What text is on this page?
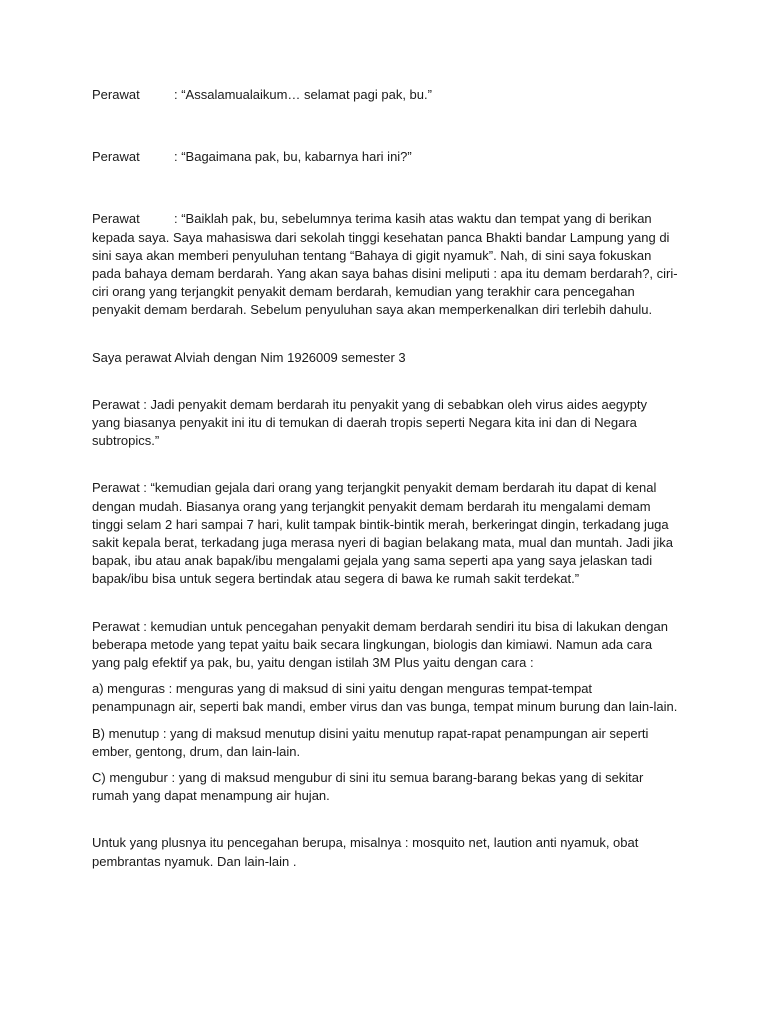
Perawat	: “Assalamualaikum… selamat pagi pak, bu.”

Perawat	: “Bagaimana pak, bu, kabarnya hari ini?”

Perawat	: “Baiklah pak, bu, sebelumnya terima kasih atas waktu dan tempat yang di berikan kepada saya. Saya mahasiswa dari sekolah tinggi kesehatan panca Bhakti bandar Lampung yang di sini saya akan memberi penyuluhan tentang “Bahaya di gigit nyamuk”. Nah, di sini saya fokuskan pada bahaya demam berdarah. Yang akan saya bahas disini meliputi : apa itu demam berdarah?, ciri-ciri orang yang terjangkit penyakit demam berdarah, kemudian yang terakhir cara pencegahan penyakit demam berdarah. Sebelum penyuluhan saya akan memperkenalkan diri terlebih dahulu.

Saya perawat Alviah dengan Nim 1926009 semester 3

Perawat : Jadi penyakit demam berdarah itu penyakit yang di sebabkan oleh virus aides aegypty yang biasanya penyakit ini itu di temukan di daerah tropis seperti Negara kita ini dan di Negara subtropics.”

Perawat : “kemudian gejala dari orang yang terjangkit penyakit demam berdarah itu dapat di kenal dengan mudah. Biasanya orang yang terjangkit penyakit demam berdarah itu mengalami demam tinggi selam 2 hari sampai 7 hari, kulit tampak bintik-bintik merah, berkeringat dingin, terkadang juga sakit kepala berat, terkadang juga merasa nyeri di bagian belakang mata, mual dan muntah. Jadi jika bapak, ibu atau anak bapak/ibu mengalami gejala yang sama seperti apa yang saya jelaskan tadi bapak/ibu bisa untuk segera bertindak atau segera di bawa ke rumah sakit terdekat.”

Perawat : kemudian untuk pencegahan penyakit demam berdarah sendiri itu bisa di lakukan dengan beberapa metode yang tepat yaitu baik secara lingkungan, biologis dan kimiawi. Namun ada cara yang palg efektif ya pak, bu, yaitu dengan istilah 3M Plus yaitu dengan cara :

a) menguras : menguras yang di maksud di sini yaitu dengan menguras tempat-tempat penampunagn air, seperti bak mandi, ember virus dan vas bunga, tempat minum burung dan lain-lain.

B) menutup : yang di maksud menutup disini yaitu menutup rapat-rapat penampungan air seperti ember, gentong, drum, dan lain-lain.

C) mengubur : yang di maksud mengubur di sini itu semua barang-barang bekas yang di sekitar rumah yang dapat menampung air hujan.

Untuk yang plusnya itu pencegahan berupa, misalnya : mosquito net, laution anti nyamuk, obat pembrantas nyamuk. Dan lain-lain .
